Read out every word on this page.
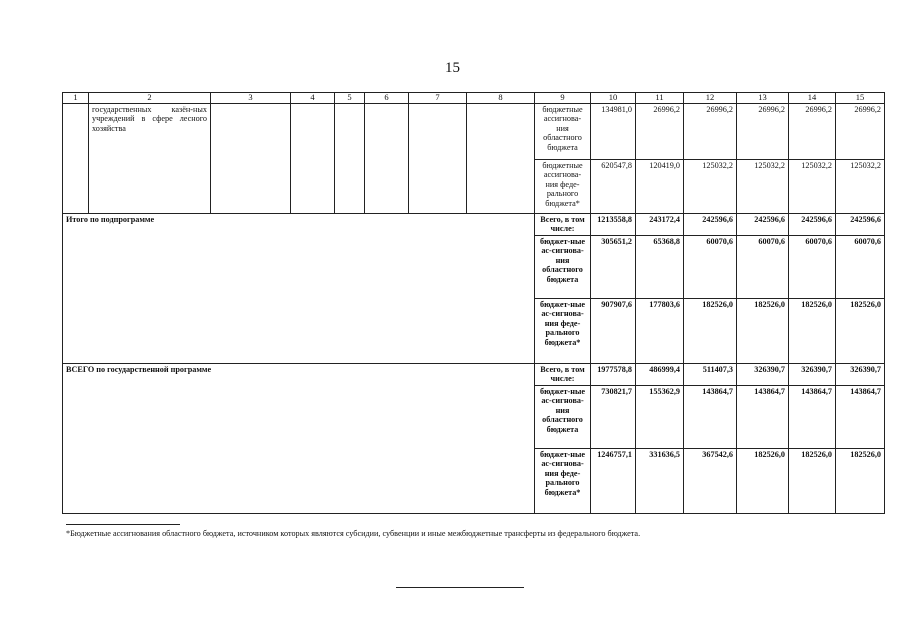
15
1	2	3	4	5	6	7	8	9	10	11	12	13	14	15
	государственных казён-ных учреждений в сфере лесного хозяйства							бюджетные ассигнова-ния областного бюджета	134981,0	26996,2	26996,2	26996,2	26996,2	26996,2
								бюджетные ассигнова-ния феде-рального бюджета*	620547,8	120419,0	125032,2	125032,2	125032,2	125032,2
Итого по подпрограмме								Всего, в том числе:	1213558,8	243172,4	242596,6	242596,6	242596,6	242596,6
								бюджет-ные ас-сигнова-ния областного бюджета	305651,2	65368,8	60070,6	60070,6	60070,6	60070,6
								бюджет-ные ас-сигнова-ния феде-рального бюджета*	907907,6	177803,6	182526,0	182526,0	182526,0	182526,0
ВСЕГО по государственной программе								Всего, в том числе:	1977578,8	486999,4	511407,3	326390,7	326390,7	326390,7
								бюджет-ные ас-сигнова-ния областного бюджета	730821,7	155362,9	143864,7	143864,7	143864,7	143864,7
								бюджет-ные ас-сигнова-ния феде-рального бюджета*	1246757,1	331636,5	367542,6	182526,0	182526,0	182526,0
*Бюджетные ассигнования областного бюджета, источником которых являются субсидии, субвенции и иные межбюджетные трансферты из федерального бюджета.
